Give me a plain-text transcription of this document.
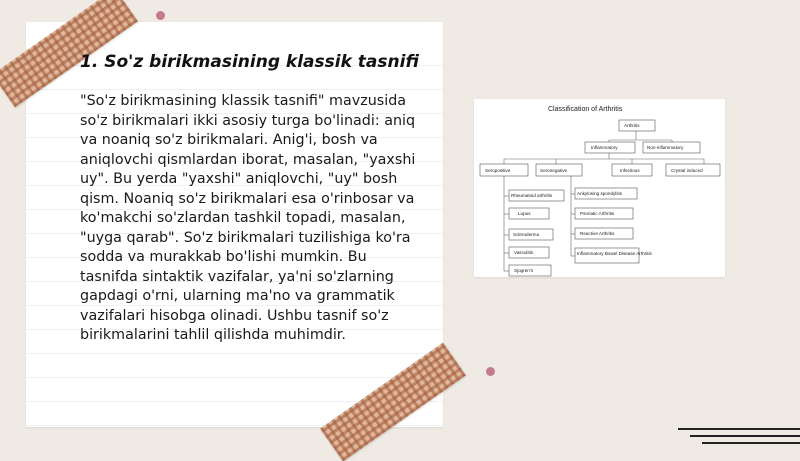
1. So'z birikmasining klassik tasnifi

"So'z birikmasining klassik tasnifi" mavzusida so'z birikmalari ikki asosiy turga bo'linadi: aniq va noaniq so'z birikmalari. Anig'i, bosh va aniqlovchi qismlardan iborat, masalan, "yaxshi uy". Bu yerda "yaxshi" aniqlovchi, "uy" bosh qism. Noaniq so'z birikmalari esa o'rinbosar va ko'makchi so'zlardan tashkil topadi, masalan, "uyga qarab". So'z birikmalari tuzilishiga ko'ra sodda va murakkab bo'lishi mumkin. Bu tasnifda sintaktik vazifalar, ya'ni so'zlarning gapdagi o'rni, ularning ma'no va grammatik vazifalari hisobga olinadi. Ushbu tasnif so'z birikmalarini tahlil qilishda muhimdir.

Classification of Arthritis
Arthritis
Inflammatory	Non-inflammatory
Seropositive	Seronegative	Infectious	Crystal induced
Rheumatoid arthritis
Lupus
Scleroderma
Vasculitis
Sjogren's
Ankylosing spondylitis
Psoriatic Arthritis
Reactive Arthritis
Inflammatory Bowel Disease Arthritis
